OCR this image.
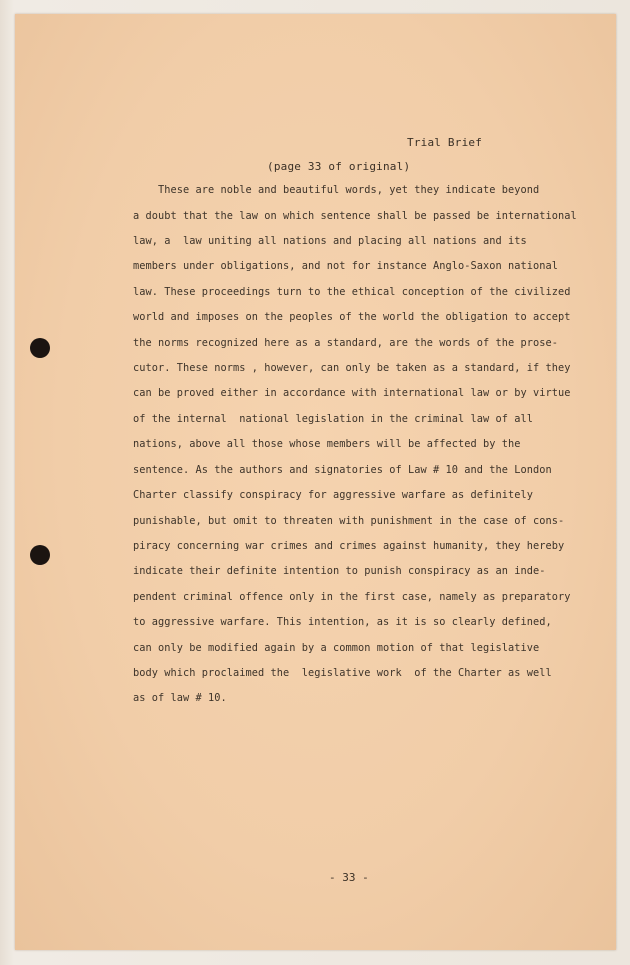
Trial Brief
(page 33 of original)
These are noble and beautiful words, yet they indicate beyond
a doubt that the law on which sentence shall be passed be international
law, a  law uniting all nations and placing all nations and its
members under obligations, and not for instance Anglo-Saxon national
law. These proceedings turn to the ethical conception of the civilized
world and imposes on the peoples of the world the obligation to accept
the norms recognized here as a standard, are the words of the prose-
cutor. These norms , however, can only be taken as a standard, if they
can be proved either in accordance with international law or by virtue
of the internal  national legislation in the criminal law of all
nations, above all those whose members will be affected by the
sentence. As the authors and signatories of Law # 10 and the London
Charter classify conspiracy for aggressive warfare as definitely
punishable, but omit to threaten with punishment in the case of cons-
piracy concerning war crimes and crimes against humanity, they hereby
indicate their definite intention to punish conspiracy as an inde-
pendent criminal offence only in the first case, namely as preparatory
to aggressive warfare. This intention, as it is so clearly defined,
can only be modified again by a common motion of that legislative
body which proclaimed the  legislative work  of the Charter as well
as of law # 10.
- 33 -
